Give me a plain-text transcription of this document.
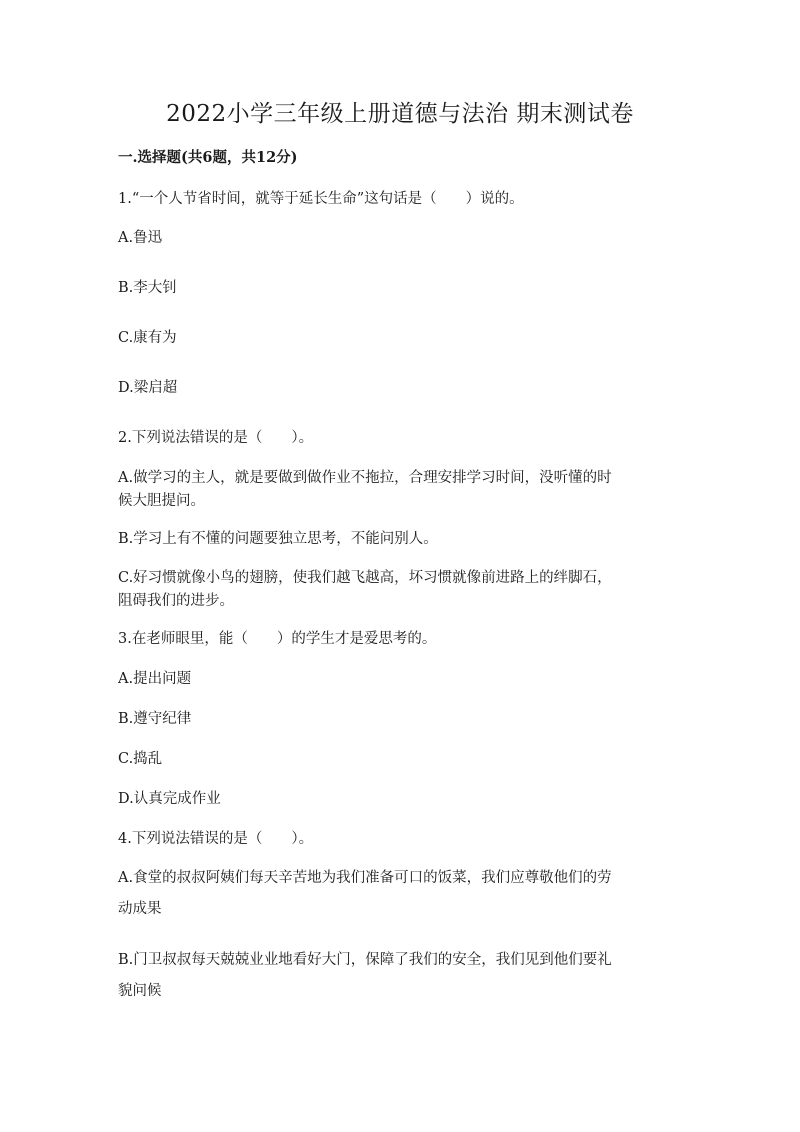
2022小学三年级上册道德与法治 期末测试卷
一.选择题(共6题，共12分)
1.“一个人节省时间，就等于延长生命”这句话是（　　）说的。
A.鲁迅
B.李大钊
C.康有为
D.梁启超
2.下列说法错误的是（　　）。
A.做学习的主人，就是要做到做作业不拖拉，合理安排学习时间，没听懂的时
候大胆提问。
B.学习上有不懂的问题要独立思考，不能问别人。
C.好习惯就像小鸟的翅膀，使我们越飞越高，坏习惯就像前进路上的绊脚石，
阻碍我们的进步。
3.在老师眼里，能（　　）的学生才是爱思考的。
A.提出问题
B.遵守纪律
C.捣乱
D.认真完成作业
4.下列说法错误的是（　　）。
A.食堂的叔叔阿姨们每天辛苦地为我们准备可口的饭菜，我们应尊敬他们的劳
动成果
B.门卫叔叔每天兢兢业业地看好大门，保障了我们的安全，我们见到他们要礼
貌问候
